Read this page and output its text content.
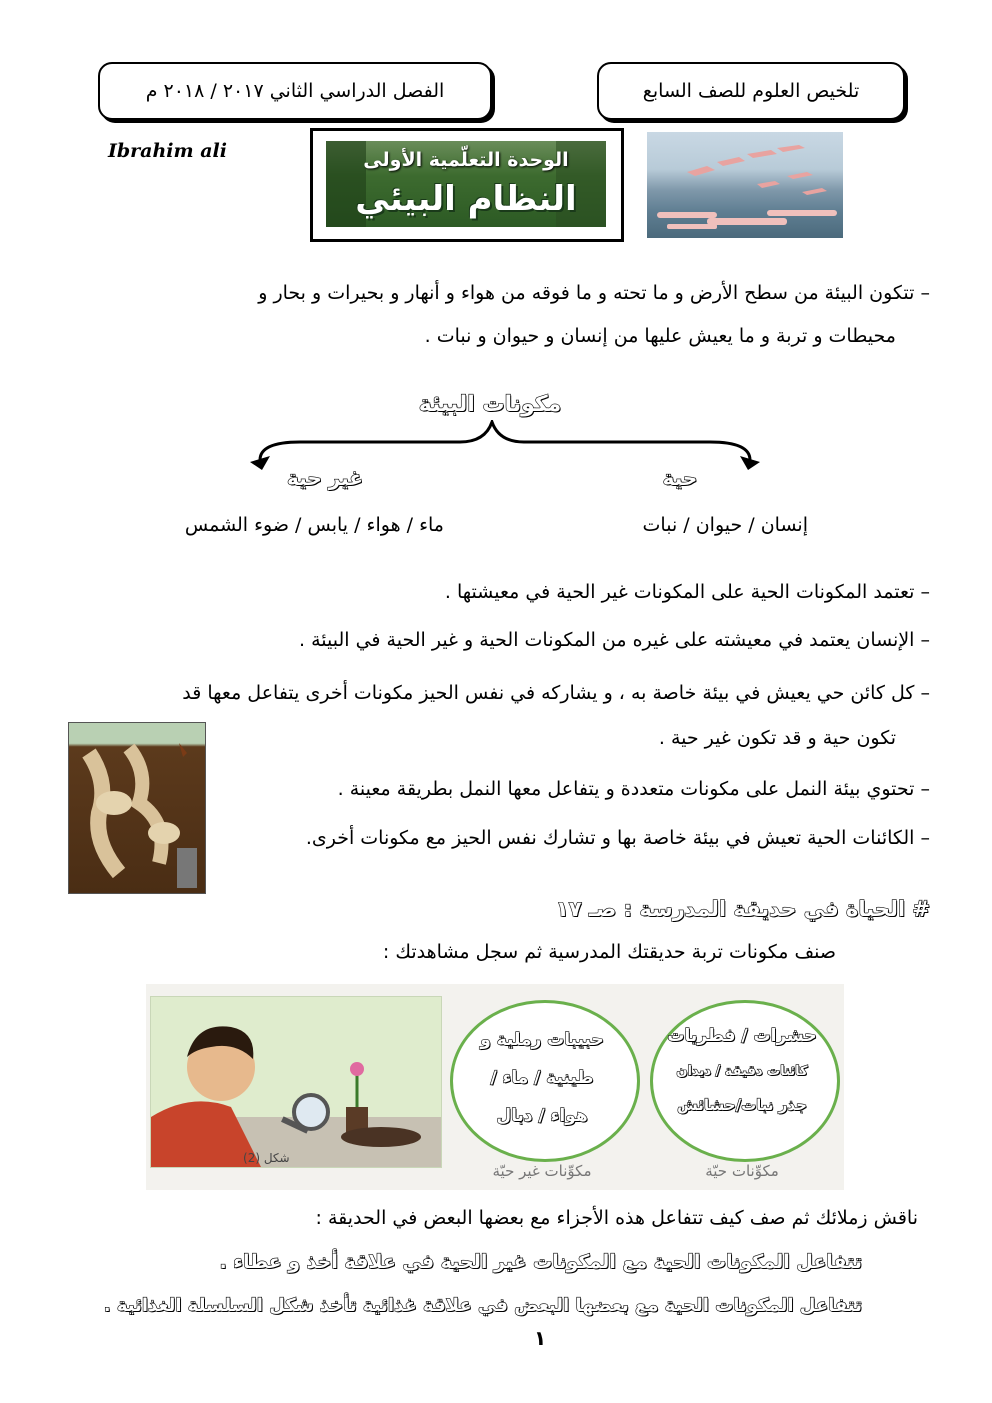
تلخيص العلوم للصف السابع
الفصل الدراسي الثاني ٢٠١٧ / ٢٠١٨ م
Ibrahim ali	الوحدة التعلّمية الأولى
النظام البيئي
– تتكون البيئة من سطح الأرض و ما تحته و ما فوقه من هواء و أنهار و بحيرات و بحار و
محيطات و تربة و ما يعيش عليها من إنسان و حيوان و نبات .
مكونات البيئة
حية
غير حية
إنسان / حيوان / نبات
ماء / هواء / يابس / ضوء الشمس
– تعتمد المكونات الحية على المكونات غير الحية في معيشتها .
– الإنسان يعتمد في معيشته على غيره من المكونات الحية و غير الحية في البيئة .
– كل كائن حي يعيش في بيئة خاصة به ، و يشاركه في نفس الحيز مكونات أخرى يتفاعل معها قد
تكون حية و قد تكون غير حية .
– تحتوي بيئة النمل على مكونات متعددة و يتفاعل معها النمل بطريقة معينة .
– الكائنات الحية تعيش في بيئة خاصة بها و تشارك نفس الحيز مع مكونات أخرى.
# الحياة في حديقة المدرسة : صـ ١٧
صنف مكونات تربة حديقتك المدرسية ثم سجل مشاهدتك :
شكل (2)
حبيبات رملية و
طينية / ماء /
هواء / دبال
مكوِّنات غير حيّة
حشرات / فطريات
كائنات دقيقة / ديدان
جذر نبات/حشائش
مكوِّنات حيّة
ناقش زملائك ثم صف كيف تتفاعل هذه الأجزاء مع بعضها البعض في الحديقة :
تتفاعل المكونات الحية مع المكونات غير الحية في علاقة أخذ و عطاء .
تتفاعل المكونات الحية مع بعضها البعض في علاقة غذائية تأخذ شكل السلسلة الغذائية .
١
